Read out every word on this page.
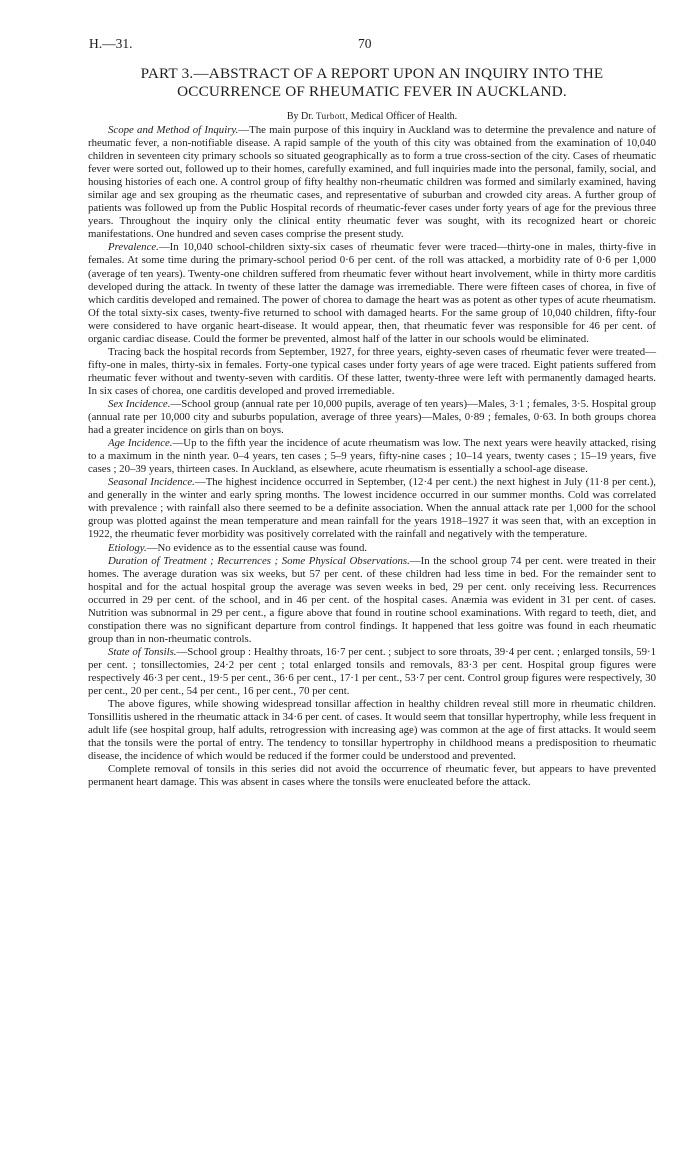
H.—31.	70
PART 3.—ABSTRACT OF A REPORT UPON AN INQUIRY INTO THE OCCURRENCE OF RHEUMATIC FEVER IN AUCKLAND.
By Dr. Turbott, Medical Officer of Health.

Scope and Method of Inquiry.—The main purpose of this inquiry in Auckland was to determine the prevalence and nature of rheumatic fever, a non-notifiable disease. A rapid sample of the youth of this city was obtained from the examination of 10,040 children in seventeen city primary schools so situated geographically as to form a true cross-section of the city. Cases of rheumatic fever were sorted out, followed up to their homes, carefully examined, and full inquiries made into the personal, family, social, and housing histories of each one. A control group of fifty healthy non-rheumatic children was formed and similarly examined, having similar age and sex grouping as the rheumatic cases, and representative of suburban and crowded city areas. A further group of patients was followed up from the Public Hospital records of rheumatic-fever cases under forty years of age for the previous three years. Throughout the inquiry only the clinical entity rheumatic fever was sought, with its recognized heart or choreic manifestations. One hundred and seven cases comprise the present study.

Prevalence.—In 10,040 school-children sixty-six cases of rheumatic fever were traced—thirty-one in males, thirty-five in females. At some time during the primary-school period 0·6 per cent. of the roll was attacked, a morbidity rate of 0·6 per 1,000 (average of ten years). Twenty-one children suffered from rheumatic fever without heart involvement, while in thirty more carditis developed during the attack. In twenty of these latter the damage was irremediable. There were fifteen cases of chorea, in five of which carditis developed and remained. The power of chorea to damage the heart was as potent as other types of acute rheumatism. Of the total sixty-six cases, twenty-five returned to school with damaged hearts. For the same group of 10,040 children, fifty-four were considered to have organic heart-disease. It would appear, then, that rheumatic fever was responsible for 46 per cent. of organic cardiac disease. Could the former be prevented, almost half of the latter in our schools would be eliminated.

Tracing back the hospital records from September, 1927, for three years, eighty-seven cases of rheumatic fever were treated—fifty-one in males, thirty-six in females. Forty-one typical cases under forty years of age were traced. Eight patients suffered from rheumatic fever without and twenty-seven with carditis. Of these latter, twenty-three were left with permanently damaged hearts. In six cases of chorea, one carditis developed and proved irremediable.

Sex Incidence.—School group (annual rate per 10,000 pupils, average of ten years)—Males, 3·1 ; females, 3·5. Hospital group (annual rate per 10,000 city and suburbs population, average of three years)—Males, 0·89 ; females, 0·63. In both groups chorea had a greater incidence on girls than on boys.

Age Incidence.—Up to the fifth year the incidence of acute rheumatism was low. The next years were heavily attacked, rising to a maximum in the ninth year. 0–4 years, ten cases ; 5–9 years, fifty-nine cases ; 10–14 years, twenty cases ; 15–19 years, five cases ; 20–39 years, thirteen cases. In Auckland, as elsewhere, acute rheumatism is essentially a school-age disease.

Seasonal Incidence.—The highest incidence occurred in September, (12·4 per cent.) the next highest in July (11·8 per cent.), and generally in the winter and early spring months. The lowest incidence occurred in our summer months. Cold was correlated with prevalence ; with rainfall also there seemed to be a definite association. When the annual attack rate per 1,000 for the school group was plotted against the mean temperature and mean rainfall for the years 1918–1927 it was seen that, with an exception in 1922, the rheumatic fever morbidity was positively correlated with the rainfall and negatively with the temperature.

Etiology.—No evidence as to the essential cause was found.

Duration of Treatment ; Recurrences ; Some Physical Observations.—In the school group 74 per cent. were treated in their homes. The average duration was six weeks, but 57 per cent. of these children had less time in bed. For the remainder sent to hospital and for the actual hospital group the average was seven weeks in bed, 29 per cent. only receiving less. Recurrences occurred in 29 per cent. of the school, and in 46 per cent. of the hospital cases. Anæmia was evident in 31 per cent. of cases. Nutrition was subnormal in 29 per cent., a figure above that found in routine school examinations. With regard to teeth, diet, and constipation there was no significant departure from control findings. It happened that less goitre was found in each rheumatic group than in non-rheumatic controls.

State of Tonsils.—School group : Healthy throats, 16·7 per cent. ; subject to sore throats, 39·4 per cent. ; enlarged tonsils, 59·1 per cent. ; tonsillectomies, 24·2 per cent ; total enlarged tonsils and removals, 83·3 per cent. Hospital group figures were respectively 46·3 per cent., 19·5 per cent., 36·6 per cent., 17·1 per cent., 53·7 per cent. Control group figures were respectively, 30 per cent., 20 per cent., 54 per cent., 16 per cent., 70 per cent.

The above figures, while showing widespread tonsillar affection in healthy children reveal still more in rheumatic children. Tonsillitis ushered in the rheumatic attack in 34·6 per cent. of cases. It would seem that tonsillar hypertrophy, while less frequent in adult life (see hospital group, half adults, retrogression with increasing age) was common at the age of first attacks. It would seem that the tonsils were the portal of entry. The tendency to tonsillar hypertrophy in childhood means a predisposition to rheumatic disease, the incidence of which would be reduced if the former could be understood and prevented.

Complete removal of tonsils in this series did not avoid the occurrence of rheumatic fever, but appears to have prevented permanent heart damage. This was absent in cases where the tonsils were enucleated before the attack.
